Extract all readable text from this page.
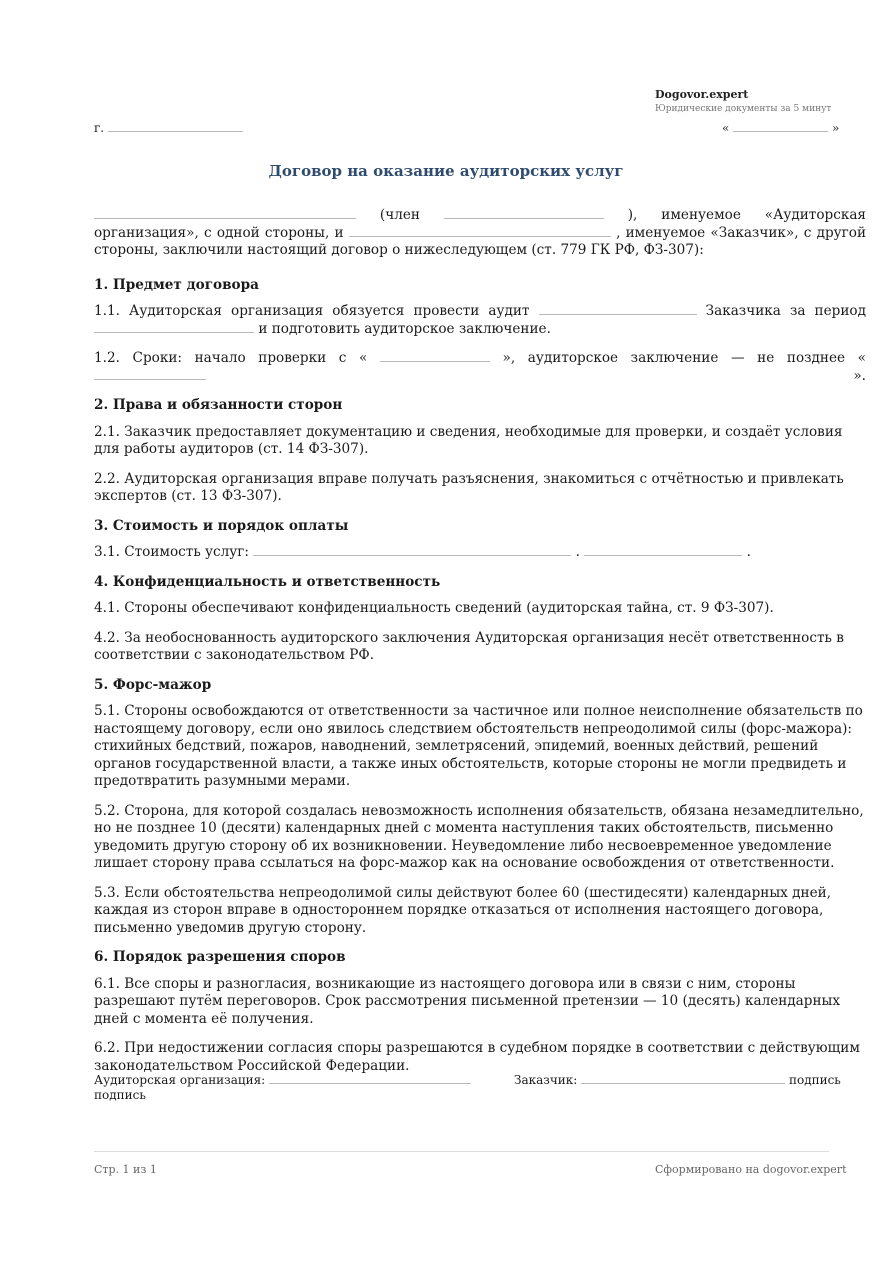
Dogovor.expert
Юридические документы за 5 минут
г.	«	»
Договор на оказание аудиторских услуг
(член	), именуемое «Аудиторская
организация», с одной стороны, и	, именуемое «Заказчик», с другой

стороны, заключили настоящий договор о нижеследующем (ст. 779 ГК РФ, ФЗ-307):

1. Предмет договора

1.1. Аудиторская организация обязуется провести аудит	Заказчика за период
и подготовить аудиторское заключение.
1.2. Сроки: начало проверки с «	», аудиторское заключение — не позднее «  ».

2. Права и обязанности сторон

2.1. Заказчик предоставляет документацию и сведения, необходимые для проверки, и создаёт условия для работы аудиторов (ст. 14 ФЗ-307).

2.2. Аудиторская организация вправе получать разъяснения, знакомиться с отчётностью и привлекать экспертов (ст. 13 ФЗ-307).

3. Стоимость и порядок оплаты

3.1. Стоимость услуг:	.	.

4. Конфиденциальность и ответственность

4.1. Стороны обеспечивают конфиденциальность сведений (аудиторская тайна, ст. 9 ФЗ-307).

4.2. За необоснованность аудиторского заключения Аудиторская организация несёт ответственность в соответствии с законодательством РФ.

5. Форс-мажор

5.1. Стороны освобождаются от ответственности за частичное или полное неисполнение обязательств по настоящему договору, если оно явилось следствием обстоятельств непреодолимой силы (форс-мажора): стихийных бедствий, пожаров, наводнений, землетрясений, эпидемий, военных действий, решений органов государственной власти, а также иных обстоятельств, которые стороны не могли предвидеть и предотвратить разумными мерами.

5.2. Сторона, для которой создалась невозможность исполнения обязательств, обязана незамедлительно, но не позднее 10 (десяти) календарных дней с момента наступления таких обстоятельств, письменно уведомить другую сторону об их возникновении. Неуведомление либо несвоевременное уведомление лишает сторону права ссылаться на форс-мажор как на основание освобождения от ответственности.

5.3. Если обстоятельства непреодолимой силы действуют более 60 (шестидесяти) календарных дней, каждая из сторон вправе в одностороннем порядке отказаться от исполнения настоящего договора, письменно уведомив другую сторону.

6. Порядок разрешения споров

6.1. Все споры и разногласия, возникающие из настоящего договора или в связи с ним, стороны разрешают путём переговоров. Срок рассмотрения письменной претензии — 10 (десять) календарных дней с момента её получения.

6.2. При недостижении согласия споры разрешаются в судебном порядке в соответствии с действующим законодательством Российской Федерации.

Аудиторская организация:
подпись
Заказчик:	подпись
Стр. 1 из 1	Сформировано на dogovor.expert
